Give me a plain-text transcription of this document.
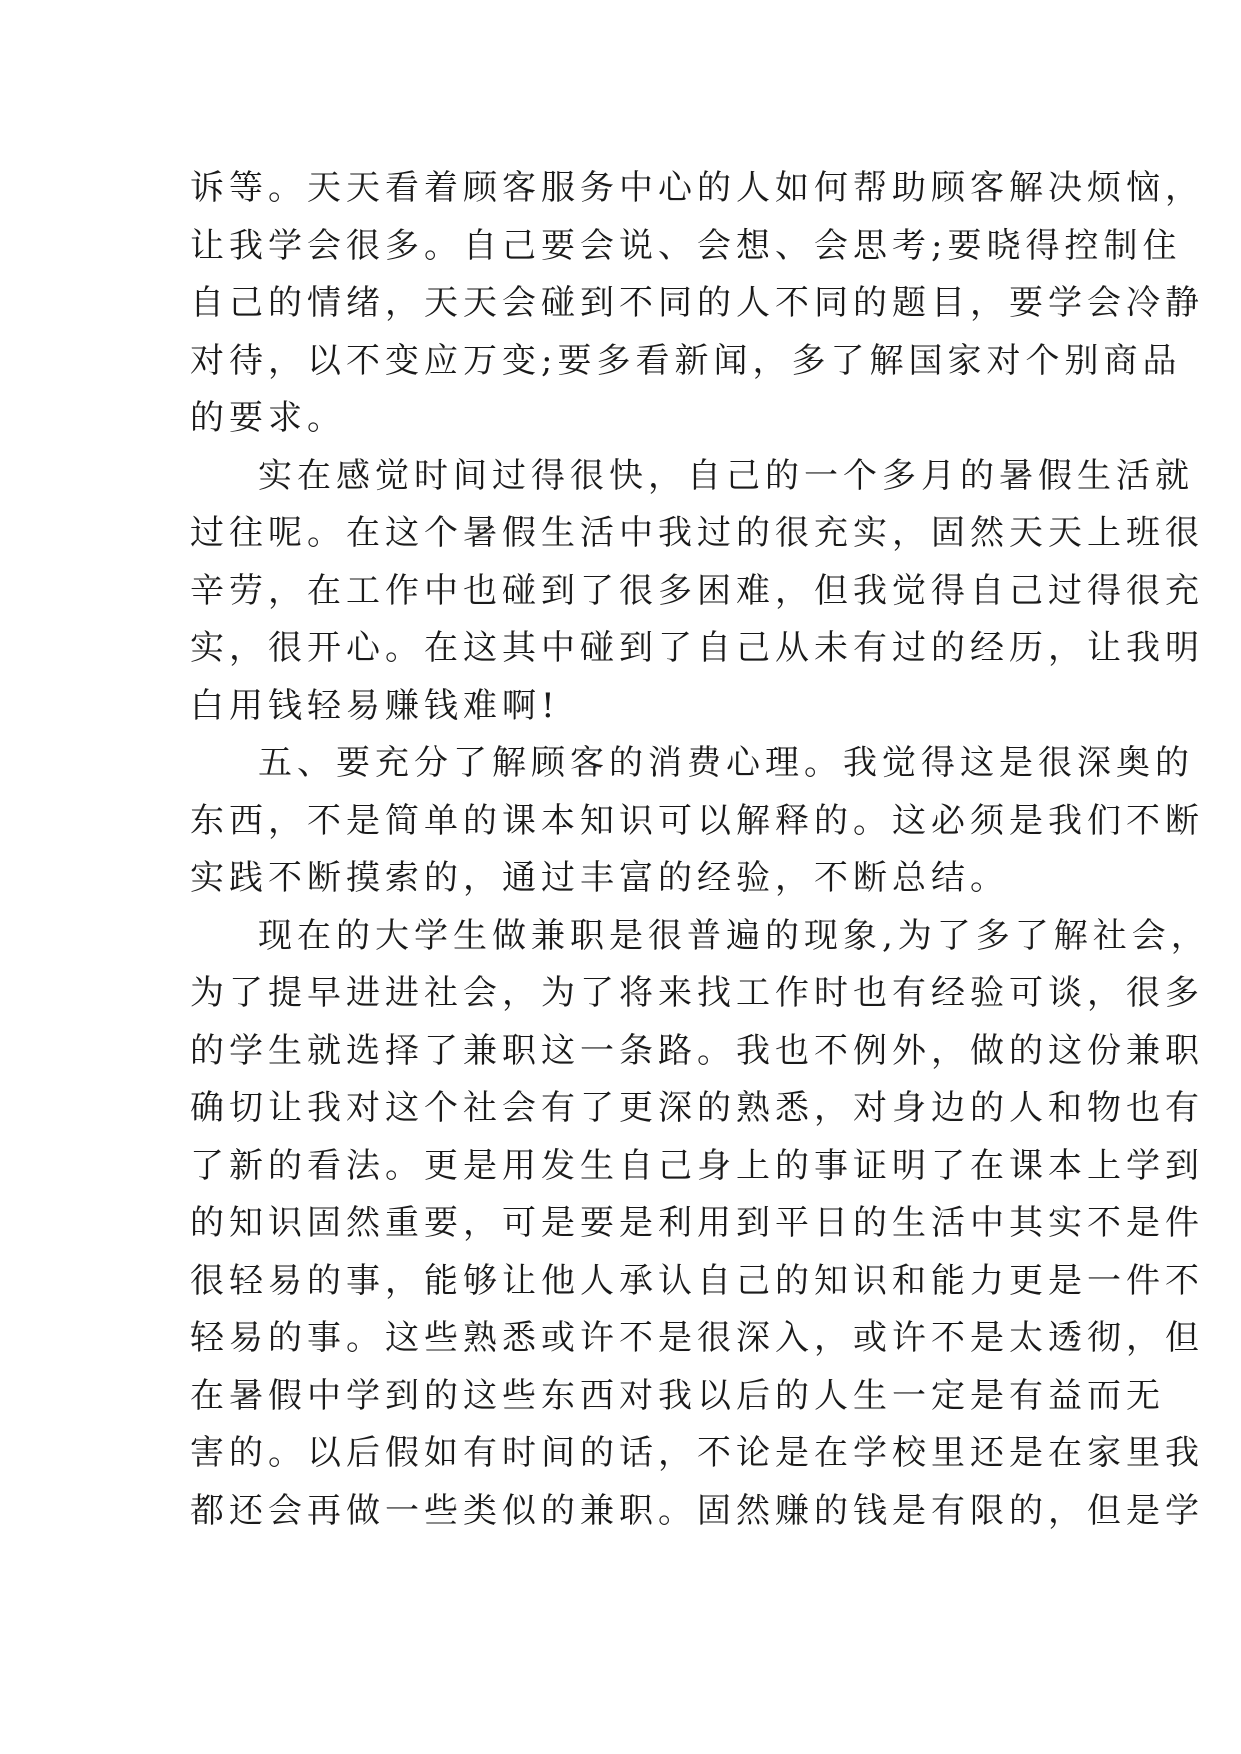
诉等。天天看着顾客服务中心的人如何帮助顾客解决烦恼，
让我学会很多。自己要会说、会想、会思考;要晓得控制住
自己的情绪，天天会碰到不同的人不同的题目，要学会冷静
对待，以不变应万变;要多看新闻，多了解国家对个别商品
的要求。
实在感觉时间过得很快，自己的一个多月的暑假生活就
过往呢。在这个暑假生活中我过的很充实，固然天天上班很
辛劳，在工作中也碰到了很多困难，但我觉得自己过得很充
实，很开心。在这其中碰到了自己从未有过的经历，让我明
白用钱轻易赚钱难啊!
五、要充分了解顾客的消费心理。我觉得这是很深奥的
东西，不是简单的课本知识可以解释的。这必须是我们不断
实践不断摸索的，通过丰富的经验，不断总结。
现在的大学生做兼职是很普遍的现象,为了多了解社会，
为了提早进进社会，为了将来找工作时也有经验可谈，很多
的学生就选择了兼职这一条路。我也不例外，做的这份兼职
确切让我对这个社会有了更深的熟悉，对身边的人和物也有
了新的看法。更是用发生自己身上的事证明了在课本上学到
的知识固然重要，可是要是利用到平日的生活中其实不是件
很轻易的事，能够让他人承认自己的知识和能力更是一件不
轻易的事。这些熟悉或许不是很深入，或许不是太透彻，但
在暑假中学到的这些东西对我以后的人生一定是有益而无
害的。以后假如有时间的话，不论是在学校里还是在家里我
都还会再做一些类似的兼职。固然赚的钱是有限的，但是学
